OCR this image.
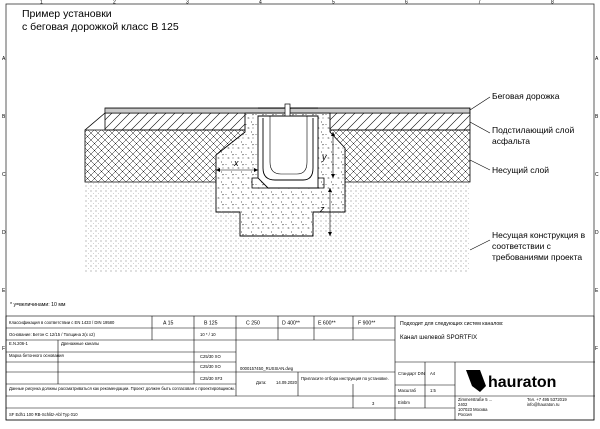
A
B
C
D
E
F
A
B
C
D
E
F
1	2	3	4	5	6	7	8
Пример установки
с беговая дорожкой класс B 125
x
y
z
Беговая дорожка
Подстилающий слой
асфальта
Несущий слой
Несущая конструкция в
соответствии с
требованиями проекта
* y=величинами: 10 мм
Классификация в соответствии с EN 1433 / DIN 19580	A 15	B 125	C 250	D 400**	E 600**	F 900**
Основание: Бетон С 12/15 / Толщина 2(x x2)	10 * / 10
E.N.206-1	Дренажные каналы
C25/30 XO
Марка бетонного основания
C25/30 XO
C25/30 XF3
Данные рисунка должны рассматриваться как рекомендации. Проект должен быть согласован с проектировщиком.
Подходит для следующих систем каналов:
Канал шелевой SPORTFIX
0000157450_RUSSIAN.dwg
Дата: 14.09.2020
Пригласите отбора инструкция по установке.
3
Стандарт DIN A4
Масштаб	1:5
Einbm
SF Edh1 100 RB-Schlitz-Abl Typ 010
hauraton
Zimmerstraße 5 ...
2402
107023 Москва
Россия
Тел. +7 495 5372019
info@hauraton.ru
